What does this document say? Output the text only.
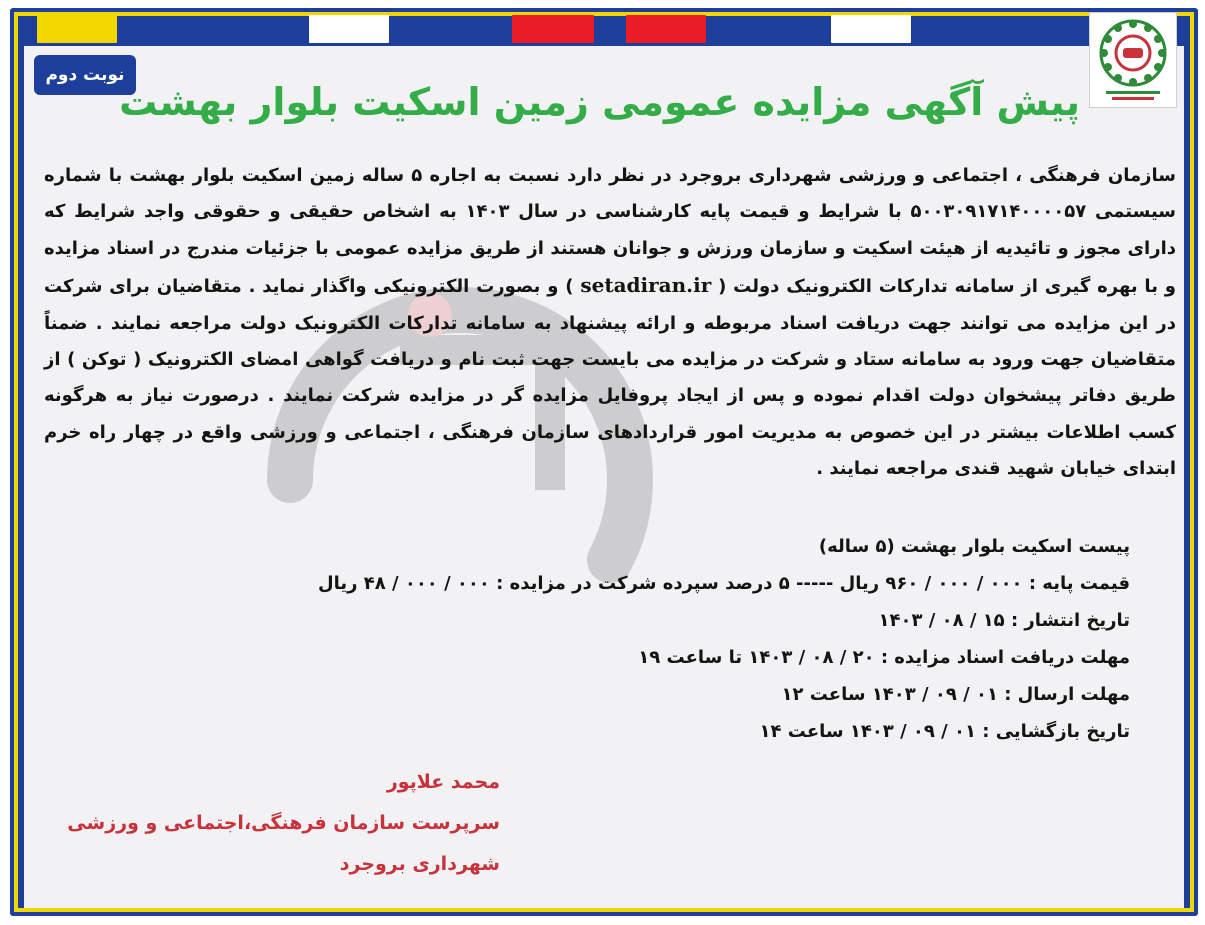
نوبت دوم
پیش آگهی مزایده عمومی زمین اسکیت بلوار بهشت
سازمان فرهنگی ، اجتماعی و ورزشی شهرداری بروجرد در نظر دارد نسبت به اجاره ۵ ساله زمین اسکیت بلوار بهشت با شماره سیستمی ۵۰۰۳۰۹۱۷۱۴۰۰۰۰۵۷ با شرایط و قیمت پایه کارشناسی در سال ۱۴۰۳ به اشخاص حقیقی و حقوقی واجد شرایط که دارای مجوز و تائیدیه از هیئت اسکیت و سازمان ورزش و جوانان هستند از طریق مزایده عمومی با جزئیات مندرج در اسناد مزایده و با بهره گیری از سامانه تدارکات الکترونیک دولت ( setadiran.ir ) و بصورت الکترونیکی واگذار نماید . متقاضیان برای شرکت در این مزایده می توانند جهت دریافت اسناد مربوطه و ارائه پیشنهاد به سامانه تدارکات الکترونیک دولت مراجعه نمایند . ضمناً متقاضیان جهت ورود به سامانه ستاد و شرکت در مزایده می بایست جهت ثبت نام و دریافت گواهی امضای الکترونیک ( توکن ) از طریق دفاتر پیشخوان دولت اقدام نموده و پس از ایجاد پروفایل مزایده گر در مزایده شرکت نمایند . درصورت نیاز به هرگونه کسب اطلاعات بیشتر در این خصوص به مدیریت امور قراردادهای سازمان فرهنگی ، اجتماعی و ورزشی واقع در چهار راه خرم ابتدای خیابان شهید قندی مراجعه نمایند .
پیست اسکیت بلوار بهشت (۵ ساله)
قیمت پایه : ۰۰۰ / ۰۰۰ / ۹۶۰ ریال ----- ۵ درصد سپرده شرکت در مزایده : ۰۰۰ / ۰۰۰ / ۴۸ ریال
تاریخ انتشار : ۱۵ / ۰۸ / ۱۴۰۳
مهلت دریافت اسناد مزایده : ۲۰ / ۰۸ / ۱۴۰۳ تا ساعت ۱۹
مهلت ارسال : ۰۱ / ۰۹ / ۱۴۰۳ ساعت ۱۲
تاریخ بازگشایی : ۰۱ / ۰۹ / ۱۴۰۳ ساعت ۱۴
محمد علاپور
سرپرست سازمان فرهنگی،اجتماعی و ورزشی
شهرداری بروجرد
